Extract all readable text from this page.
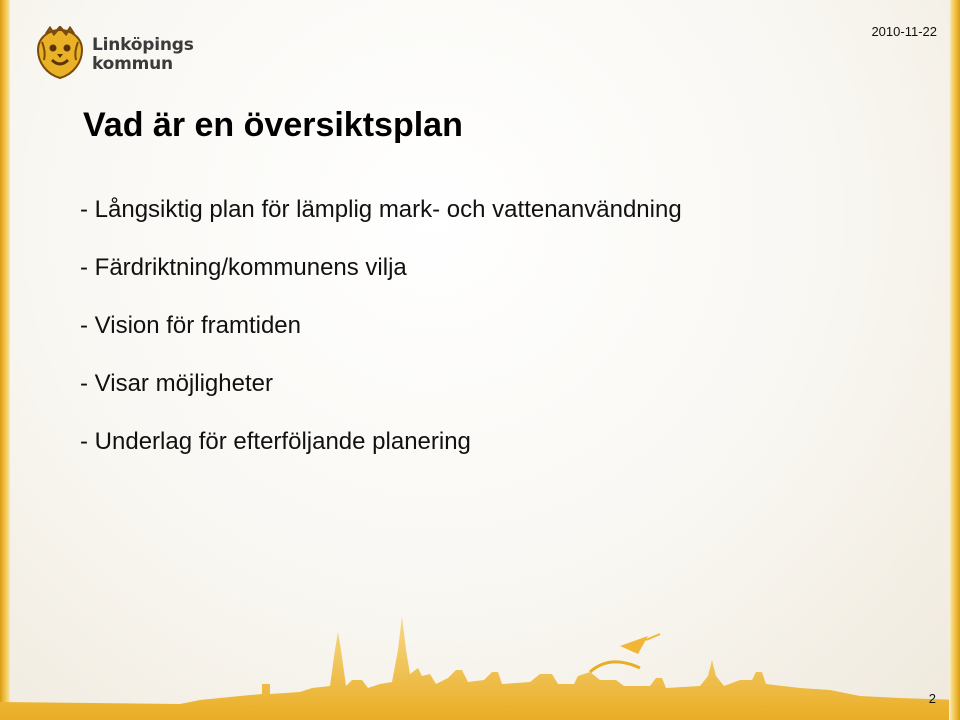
Linköpings
kommun
Vad är en översiktsplan
- Långsiktig plan för lämplig mark- och vattenanvändning
- Färdriktning/kommunens vilja
- Vision för framtiden
- Visar möjligheter
- Underlag för efterföljande planering
2010-11-22
2
